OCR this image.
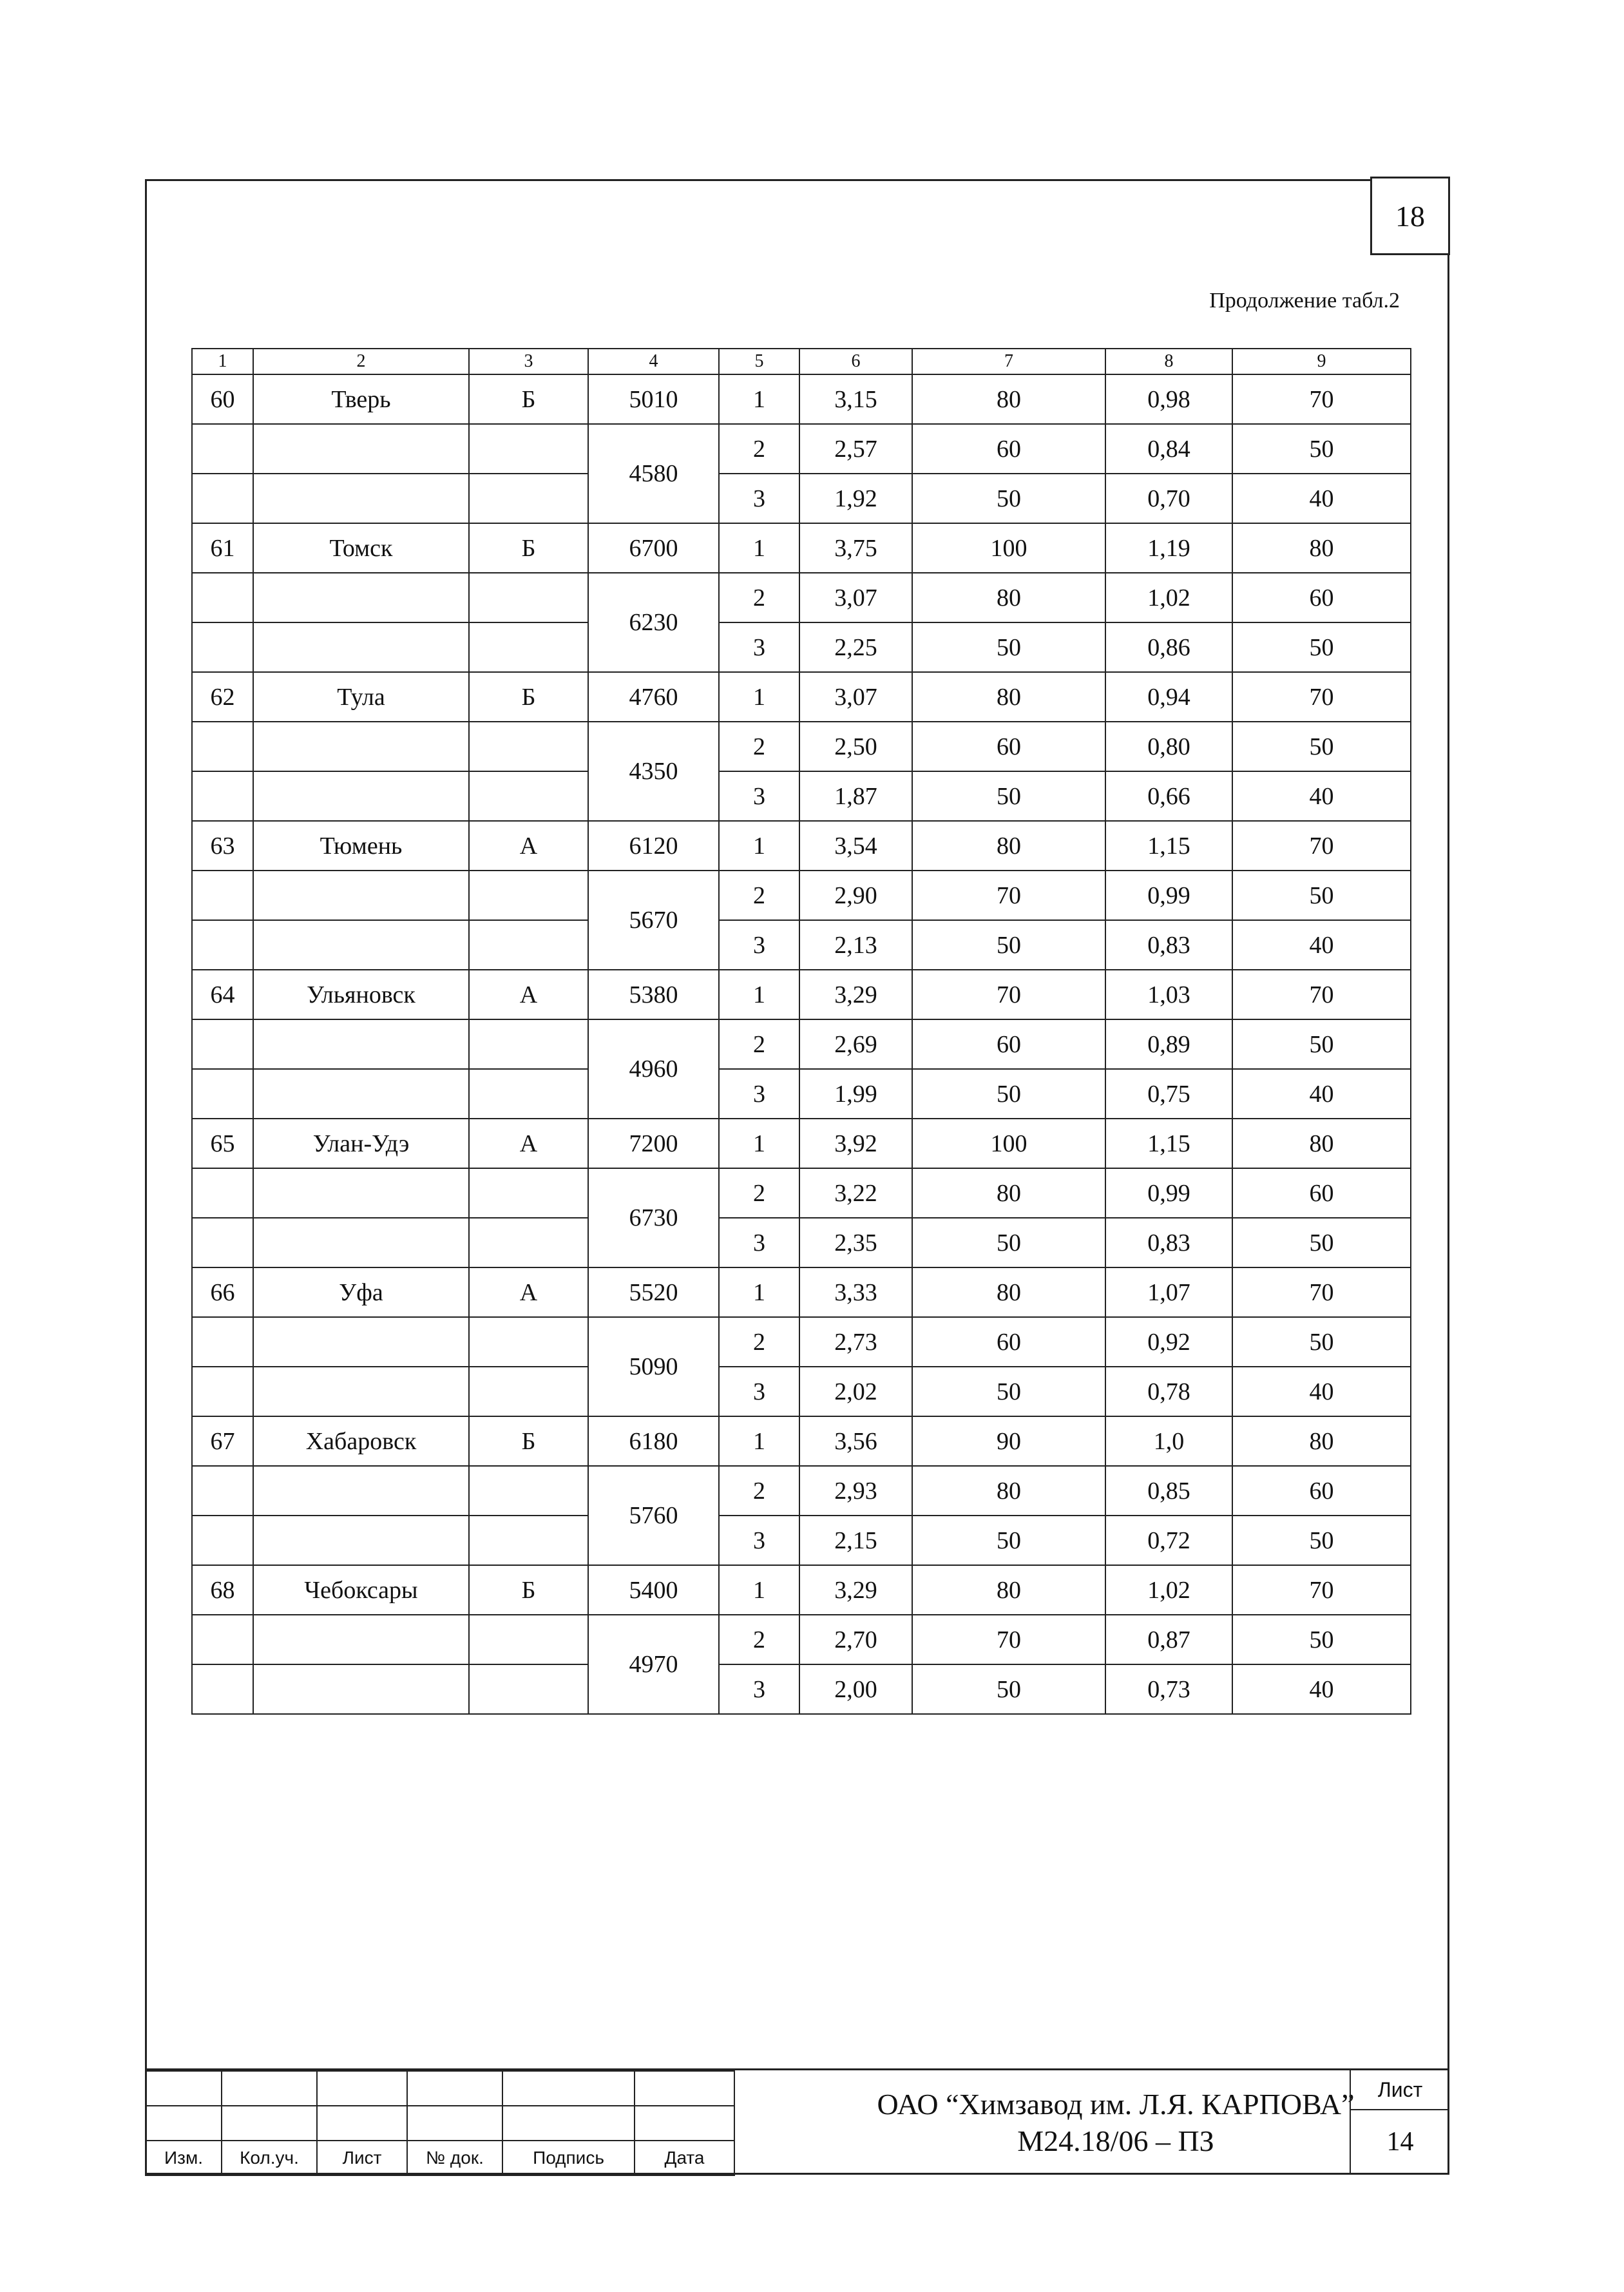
18
Продолжение табл.2
1	2	3	4	5	6	7	8	9
60	Тверь	Б	5010	1	3,15	80	0,98	70
			4580	2	2,57	60	0,84	50
				3	1,92	50	0,70	40
61	Томск	Б	6700	1	3,75	100	1,19	80
			6230	2	3,07	80	1,02	60
				3	2,25	50	0,86	50
62	Тула	Б	4760	1	3,07	80	0,94	70
			4350	2	2,50	60	0,80	50
				3	1,87	50	0,66	40
63	Тюмень	А	6120	1	3,54	80	1,15	70
			5670	2	2,90	70	0,99	50
				3	2,13	50	0,83	40
64	Ульяновск	А	5380	1	3,29	70	1,03	70
			4960	2	2,69	60	0,89	50
				3	1,99	50	0,75	40
65	Улан-Удэ	А	7200	1	3,92	100	1,15	80
			6730	2	3,22	80	0,99	60
				3	2,35	50	0,83	50
66	Уфа	А	5520	1	3,33	80	1,07	70
			5090	2	2,73	60	0,92	50
				3	2,02	50	0,78	40
67	Хабаровск	Б	6180	1	3,56	90	1,0	80
			5760	2	2,93	80	0,85	60
				3	2,15	50	0,72	50
68	Чебоксары	Б	5400	1	3,29	80	1,02	70
			4970	2	2,70	70	0,87	50
				3	2,00	50	0,73	40

Изм.	Кол.уч.	Лист	№ док.	Подпись	Дата
ОАО “Химзавод им. Л.Я. КАРПОВА”
М24.18/06 – ПЗ
Лист
14
